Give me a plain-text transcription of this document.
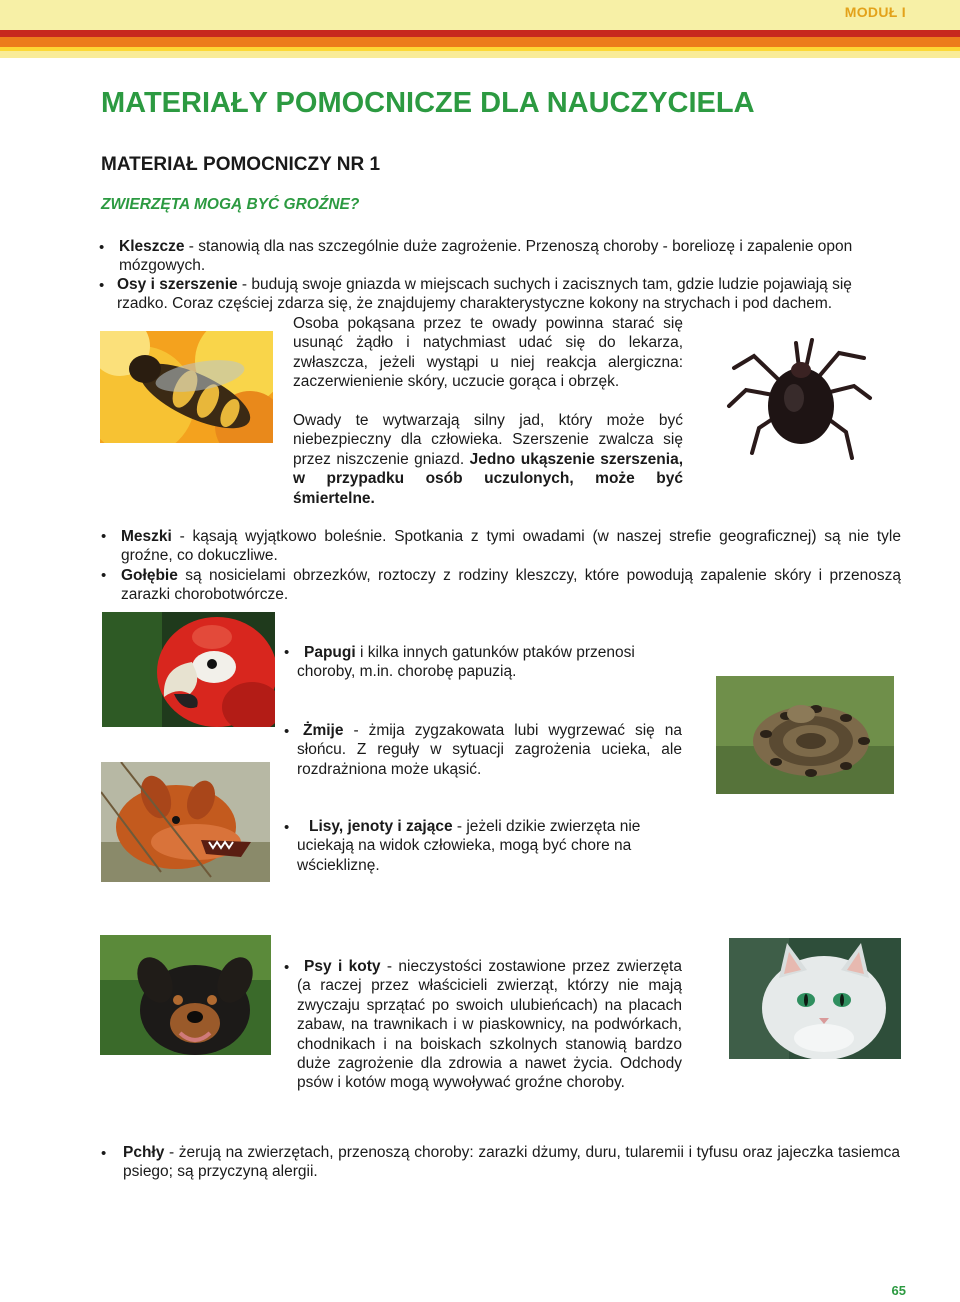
MODUŁ I
MATERIAŁY POMOCNICZE DLA NAUCZYCIELA
MATERIAŁ POMOCNICZY NR 1
ZWIERZĘTA MOGĄ BYĆ GROŹNE?
• Kleszcze - stanowią dla nas szczególnie duże zagrożenie. Przenoszą choroby - boreliozę i zapalenie opon mózgowych.

• Osy i szerszenie - budują swoje gniazda w miejscach suchych i zacisznych tam, gdzie ludzie pojawiają się rzadko. Coraz częściej zdarza się, że znajdujemy charakterystyczne kokony na strychach i pod dachem.

Osoba pokąsana przez te owady powinna starać się usunąć żądło i natychmiast udać się do lekarza, zwłaszcza, jeżeli wystąpi u niej reakcja alergiczna: zaczerwienienie skóry, uczucie gorąca i obrzęk.

Owady te wytwarzają silny jad, który może być niebezpieczny dla człowieka. Szerszenie zwalcza się przez niszczenie gniazd. Jedno ukąszenie szerszenia, w przypadku osób uczulonych, może być śmiertelne.

• Meszki - kąsają wyjątkowo boleśnie. Spotkania z tymi owadami (w naszej strefie geograficznej) są nie tyle groźne, co dokuczliwe.

• Gołębie są nosicielami obrzezków, roztoczy z rodziny kleszczy, które powodują zapalenie skóry i przenoszą zarazki chorobotwórcze.

• Papugi i kilka innych gatunków ptaków przenosi choroby, m.in. chorobę papuzią.

• Żmije - żmija zygzakowata lubi wygrzewać się na słońcu. Z reguły w sytuacji zagrożenia ucieka, ale rozdrażniona może ukąsić.

•	Lisy, jenoty i zające - jeżeli dzikie zwierzęta nie uciekają na widok człowieka, mogą być chore na wściekliznę.

• Psy i koty - nieczystości zostawione przez zwierzęta (a raczej przez właścicieli zwierząt, którzy nie mają zwyczaju sprzątać po swoich ulubieńcach) na placach zabaw, na trawnikach i w piaskownicy, na podwórkach, chodnikach i na boiskach szkolnych stanowią bardzo duże zagrożenie dla zdrowia a nawet życia. Odchody psów i kotów mogą wywoływać groźne choroby.

• Pchły - żerują na zwierzętach, przenoszą choroby: zarazki dżumy, duru, tularemii i tyfusu oraz jajeczka tasiemca psiego; są przyczyną alergii.

65
